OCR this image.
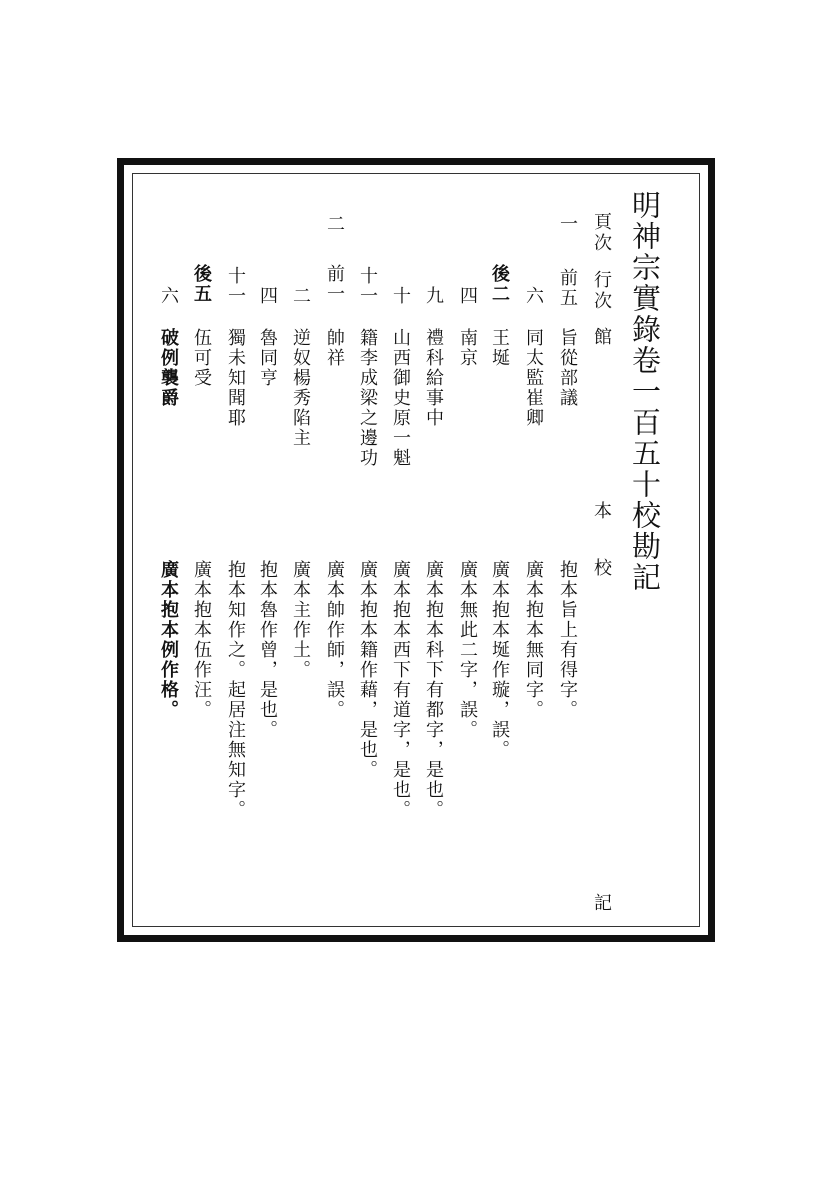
明神宗實錄卷一百五十校勘記
頁次
行次
館
本
校
記
一
前五
旨從部議
抱本旨上有得字。
六
同太監崔卿
廣本抱本無同字。
後二
王埏
廣本抱本埏作璇，誤。
四
南京
廣本無此二字，誤。
九
禮科給事中
廣本抱本科下有都字，是也。
十
山西御史原一魁
廣本抱本西下有道字，是也。
十一
籍李成梁之邊功
廣本抱本籍作藉，是也。
二
前一
帥祥
廣本帥作師，誤。
二
逆奴楊秀陷主
廣本主作土。
四
魯同亨
抱本魯作曾，是也。
十一
獨未知聞耶
抱本知作之。起居注無知字。
後五
伍可受
廣本抱本伍作汪。
六
破例襲爵
廣本抱本例作格。
